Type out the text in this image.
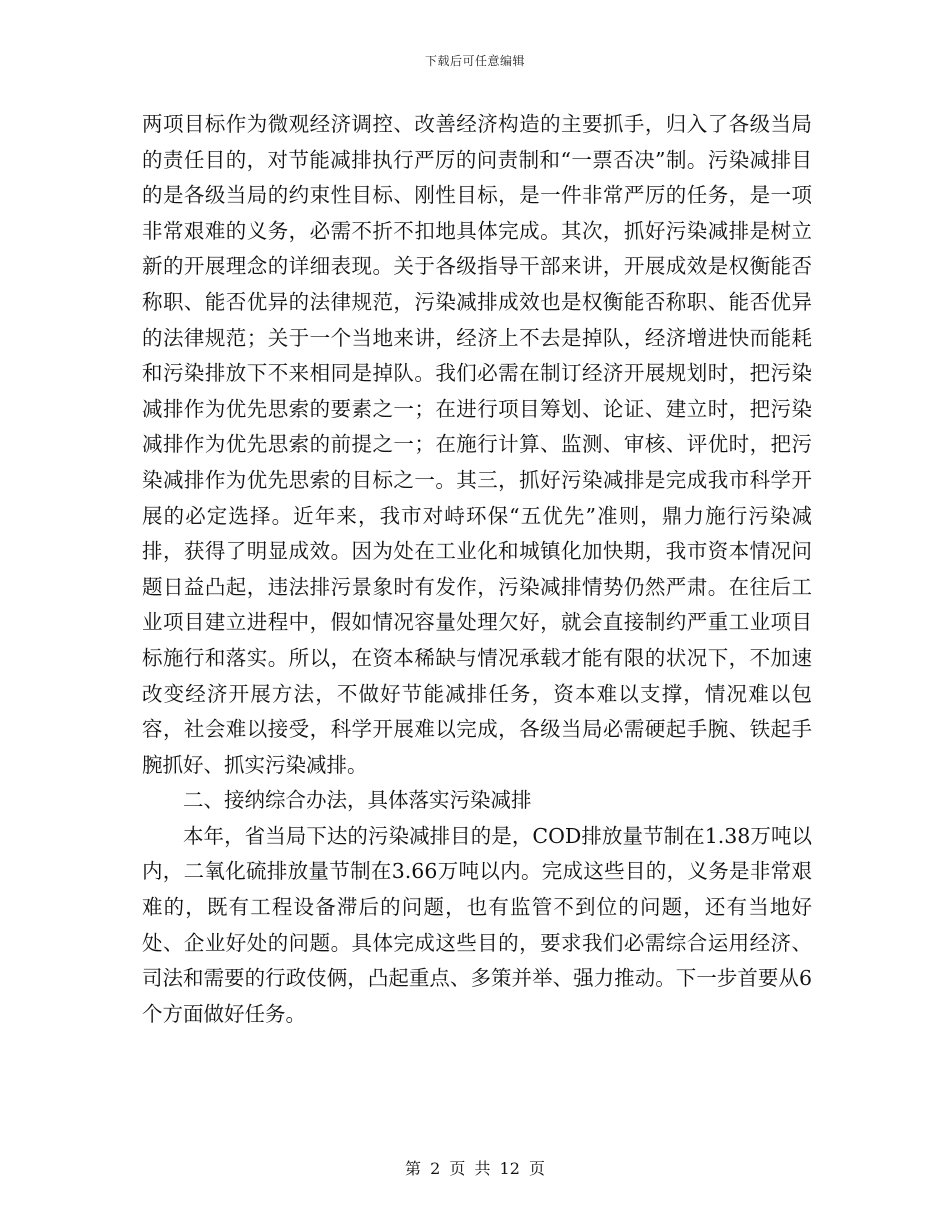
下载后可任意编辑

两项目标作为微观经济调控、改善经济构造的主要抓手，归入了各级当局的责任目的，对节能减排执行严厉的问责制和“一票否决”制。污染减排目的是各级当局的约束性目标、刚性目标，是一件非常严厉的任务，是一项非常艰难的义务，必需不折不扣地具体完成。其次，抓好污染减排是树立新的开展理念的详细表现。关于各级指导干部来讲，开展成效是权衡能否称职、能否优异的法律规范，污染减排成效也是权衡能否称职、能否优异的法律规范；关于一个当地来讲，经济上不去是掉队，经济增进快而能耗和污染排放下不来相同是掉队。我们必需在制订经济开展规划时，把污染减排作为优先思索的要素之一；在进行项目筹划、论证、建立时，把污染减排作为优先思索的前提之一；在施行计算、监测、审核、评优时，把污染减排作为优先思索的目标之一。其三，抓好污染减排是完成我市科学开展的必定选择。近年来，我市对峙环保“五优先”准则，鼎力施行污染减排，获得了明显成效。因为处在工业化和城镇化加快期，我市资本情况问题日益凸起，违法排污景象时有发作，污染减排情势仍然严肃。在往后工业项目建立进程中，假如情况容量处理欠好，就会直接制约严重工业项目标施行和落实。所以，在资本稀缺与情况承载才能有限的状况下，不加速改变经济开展方法，不做好节能减排任务，资本难以支撑，情况难以包容，社会难以接受，科学开展难以完成，各级当局必需硬起手腕、铁起手腕抓好、抓实污染减排。

二、接纳综合办法，具体落实污染减排

本年，省当局下达的污染减排目的是，COD排放量节制在1.38万吨以内，二氧化硫排放量节制在3.66万吨以内。完成这些目的，义务是非常艰难的，既有工程设备滞后的问题，也有监管不到位的问题，还有当地好处、企业好处的问题。具体完成这些目的，要求我们必需综合运用经济、司法和需要的行政伎俩，凸起重点、多策并举、强力推动。下一步首要从6个方面做好任务。

第 2 页 共 12 页
